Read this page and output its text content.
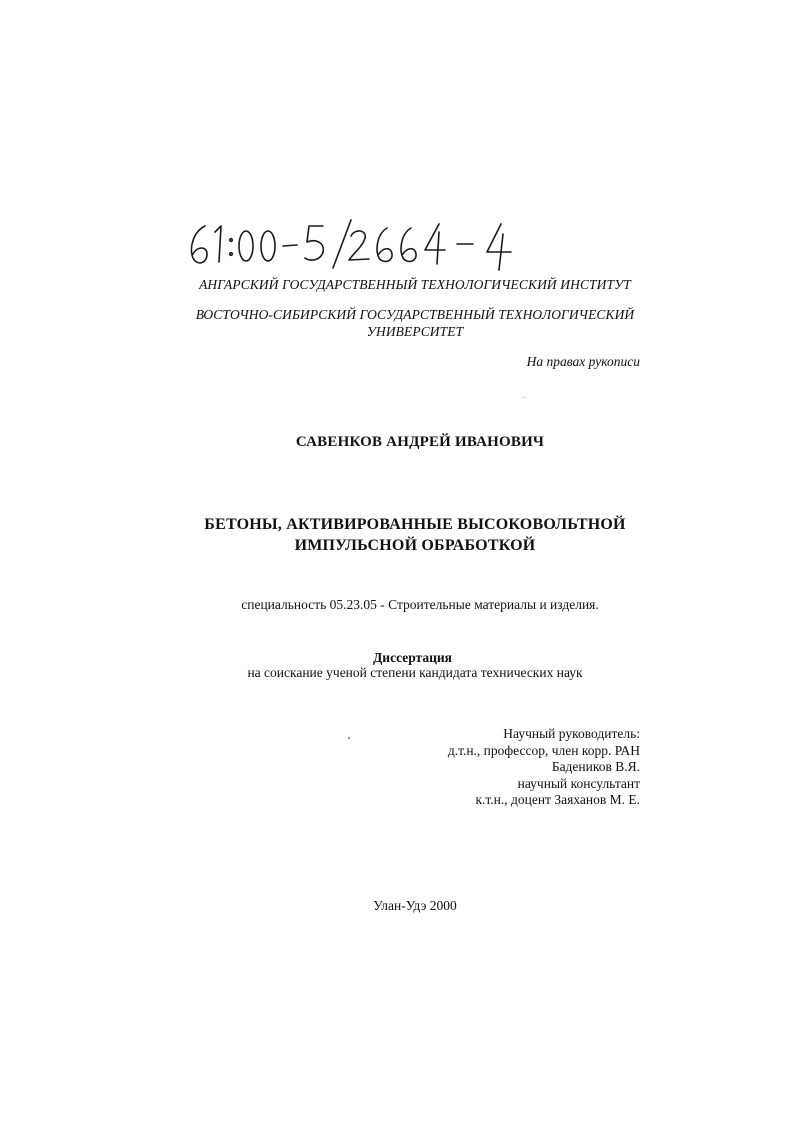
АНГАРСКИЙ ГОСУДАРСТВЕННЫЙ ТЕХНОЛОГИЧЕСКИЙ ИНСТИТУТ
ВОСТОЧНО-СИБИРСКИЙ ГОСУДАРСТВЕННЫЙ ТЕХНОЛОГИЧЕСКИЙ УНИВЕРСИТЕТ
На правах рукописи
САВЕНКОВ АНДРЕЙ ИВАНОВИЧ
БЕТОНЫ, АКТИВИРОВАННЫЕ ВЫСОКОВОЛЬТНОЙ
ИМПУЛЬСНОЙ ОБРАБОТКОЙ
специальность 05.23.05 - Строительные материалы и изделия.
Диссертация
на соискание ученой степени кандидата технических наук
Научный руководитель:
д.т.н., профессор, член корр. РАН
Бадеников В.Я.
научный консультант
к.т.н., доцент Заяханов М. Е.
Улан-Удэ 2000
